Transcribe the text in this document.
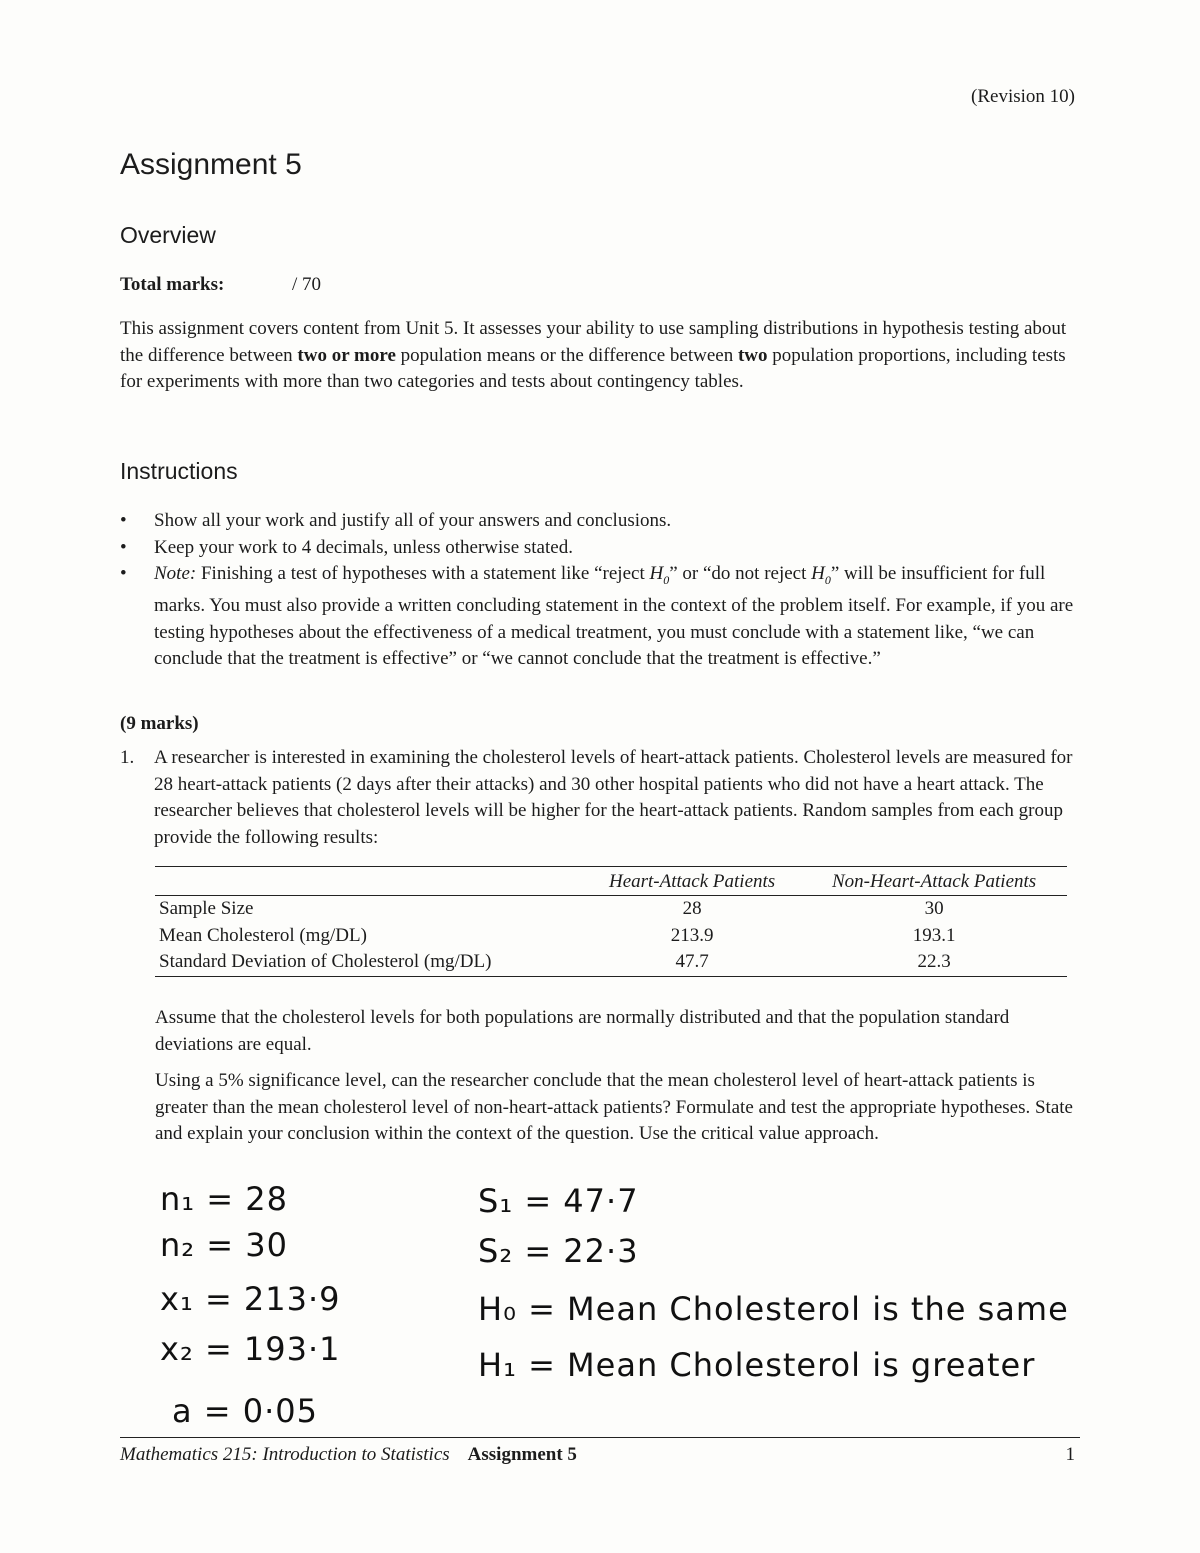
(Revision 10)
Assignment 5
Overview
Total marks:	/ 70
This assignment covers content from Unit 5. It assesses your ability to use sampling distributions in hypothesis testing about the difference between two or more population means or the difference between two population proportions, including tests for experiments with more than two categories and tests about contingency tables.
Instructions
• Show all your work and justify all of your answers and conclusions.
• Keep your work to 4 decimals, unless otherwise stated.
• Note: Finishing a test of hypotheses with a statement like “reject $H_0$” or “do not reject $H_0$” will be insufficient for full marks. You must also provide a written concluding statement in the context of the problem itself. For example, if you are testing hypotheses about the effectiveness of a medical treatment, you must conclude with a statement like, “we can conclude that the treatment is effective” or “we cannot conclude that the treatment is effective.”
(9 marks)
1. A researcher is interested in examining the cholesterol levels of heart-attack patients. Cholesterol levels are measured for 28 heart-attack patients (2 days after their attacks) and 30 other hospital patients who did not have a heart attack. The researcher believes that cholesterol levels will be higher for the heart-attack patients. Random samples from each group provide the following results:
	Heart-Attack Patients	Non-Heart-Attack Patients
Sample Size	28	30
Mean Cholesterol (mg/DL)	213.9	193.1
Standard Deviation of Cholesterol (mg/DL)	47.7	22.3
Assume that the cholesterol levels for both populations are normally distributed and that the population standard deviations are equal.
Using a 5% significance level, can the researcher conclude that the mean cholesterol level of heart-attack patients is greater than the mean cholesterol level of non-heart-attack patients? Formulate and test the appropriate hypotheses. State and explain your conclusion within the context of the question. Use the critical value approach.
n₁ = 28
n₂ = 30
x₁ = 213·9
x₂ = 193·1
a = 0·05
S₁ = 47·7
S₂ = 22·3
H₀ = Mean Cholesterol is the same
H₁ = Mean Cholesterol is greater
Mathematics 215: Introduction to Statistics Assignment 5	1
